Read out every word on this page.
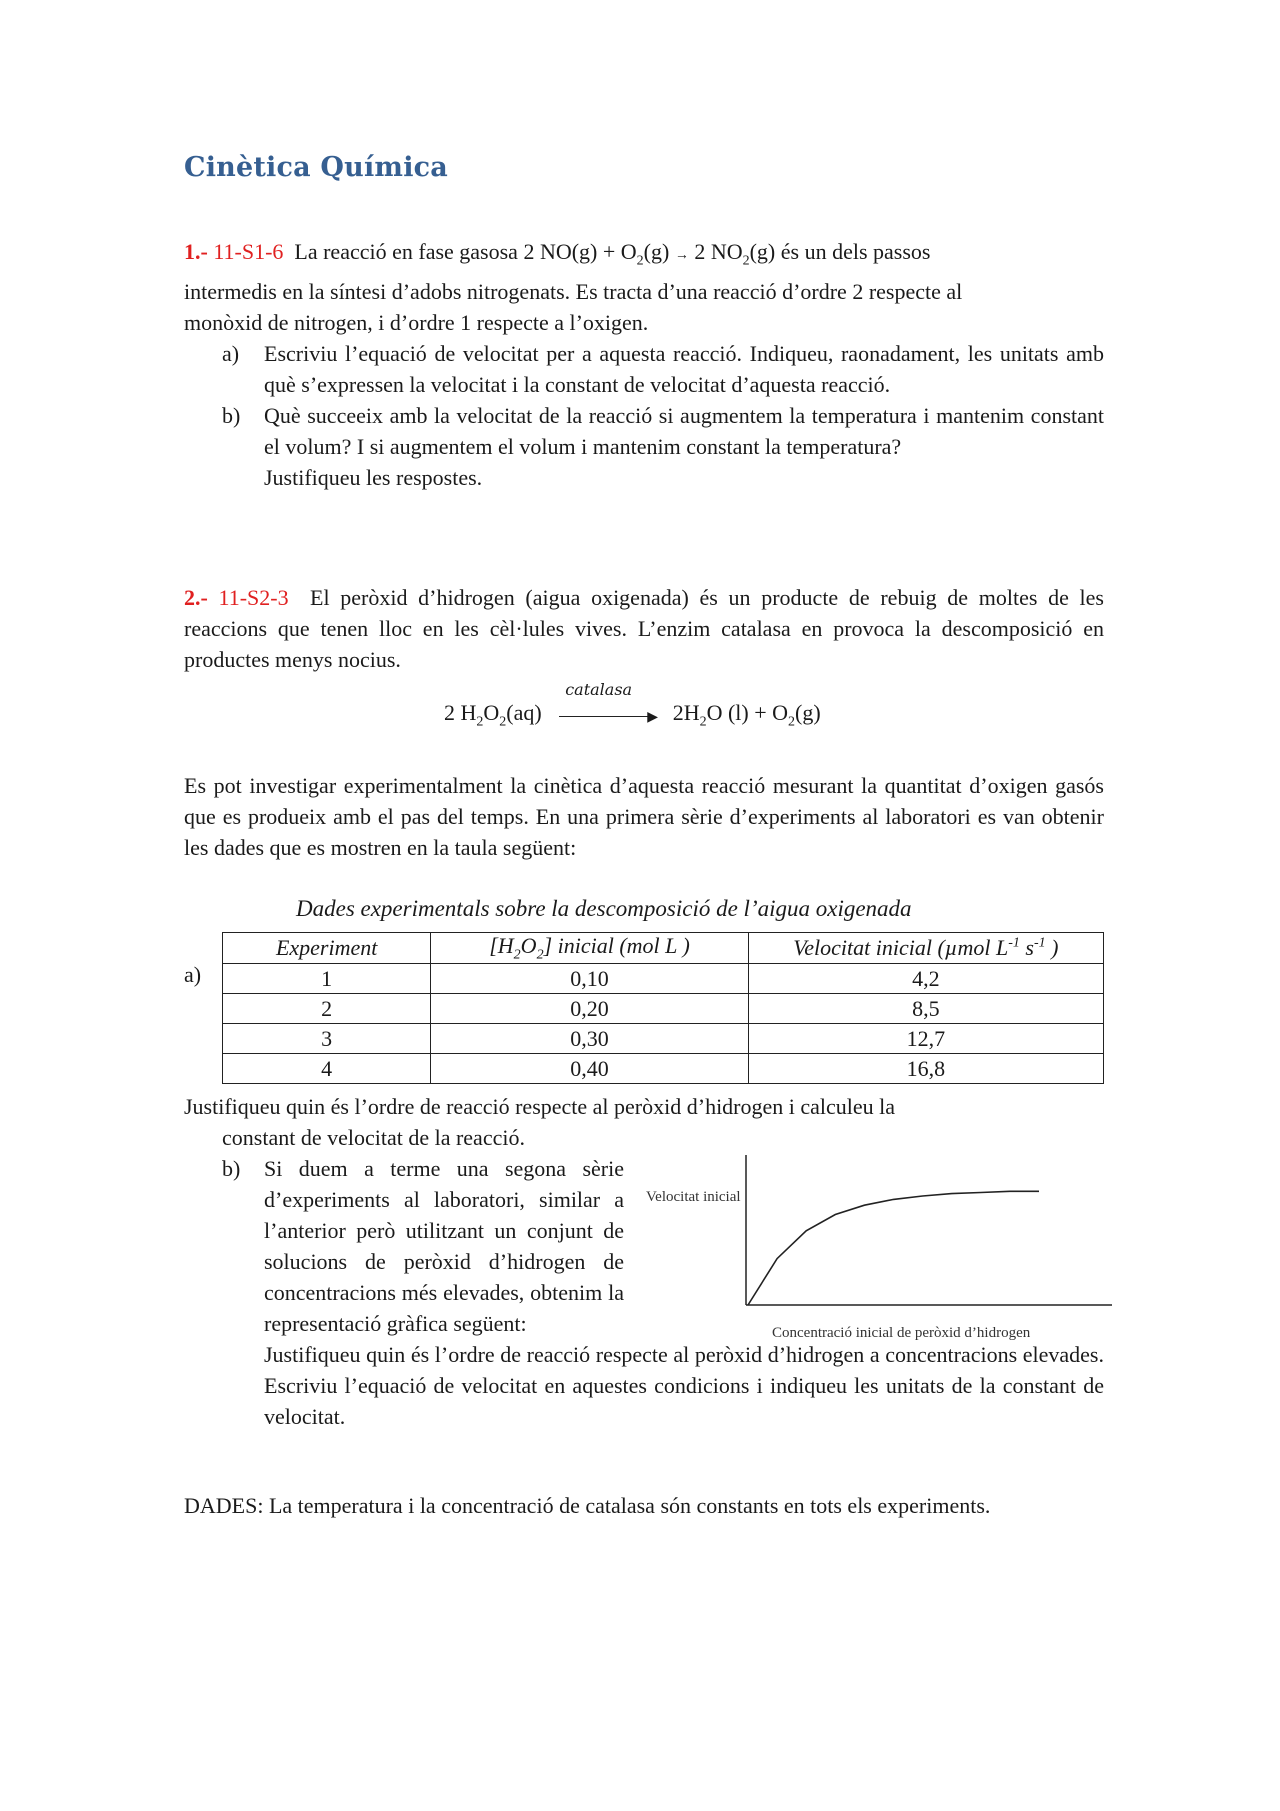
Cinètica Química

1.- 11-S1-6 La reacció en fase gasosa 2 $NO(g) + O_2(g) \to 2$ $NO_2(g)$ és un dels passos

intermedis en la síntesi d’adobs nitrogenats. Es tracta d’una reacció d’ordre 2 respecte al

monòxid de nitrogen, i d’ordre 1 respecte a l’oxigen.

a) Escriviu l’equació de velocitat per a aquesta reacció. Indiqueu, raonadament, les unitats amb què s’expressen la velocitat i la constant de velocitat d’aquesta reacció.

b) Què succeeix amb la velocitat de la reacció si augmentem la temperatura i mantenim constant el volum? I si augmentem el volum i mantenim constant la temperatura?

Justifiqueu les respostes.

2.- 11-S2-3 El peròxid d’hidrogen (aigua oxigenada) és un producte de rebuig de moltes de les reaccions que tenen lloc en les cèl·lules vives. L’enzim catalasa en provoca la descomposició en productes menys nocius.

2 $H_2O_2(aq)$
catalasa
▶ $2H_2O$ $(l) + O_2(g)$

Es pot investigar experimentalment la cinètica d’aquesta reacció mesurant la quantitat d’oxigen gasós que es produeix amb el pas del temps. En una primera sèrie d’experiments al laboratori es van obtenir les dades que es mostren en la taula següent:

Dades experimentals sobre la descomposició de l’aigua oxigenada
a)
Experiment	$[H_2O_2]$ inicial (mol L )	Velocitat inicial (µmol $L^{-1}$ $s^{-1}$ )
1	0,10	4,2
2	0,20	8,5
3	0,30	12,7
4	0,40	16,8

Justifiqueu quin és l’ordre de reacció respecte al peròxid d’hidrogen i calculeu la

constant de velocitat de la reacció.

b) Si duem a terme una segona sèrie d’experiments al laboratori, similar a l’anterior però utilitzant un conjunt de solucions de peròxid d’hidrogen de concentracions més elevades, obtenim la representació gràfica següent:

Justifiqueu quin és l’ordre de reacció respecte al peròxid d’hidrogen a concentracions elevades. Escriviu l’equació de velocitat en aquestes condicions i indiqueu les unitats de la constant de velocitat.

Velocitat inicial
Concentració inicial de peròxid d’hidrogen

DADES: La temperatura i la concentració de catalasa són constants en tots els experiments.
